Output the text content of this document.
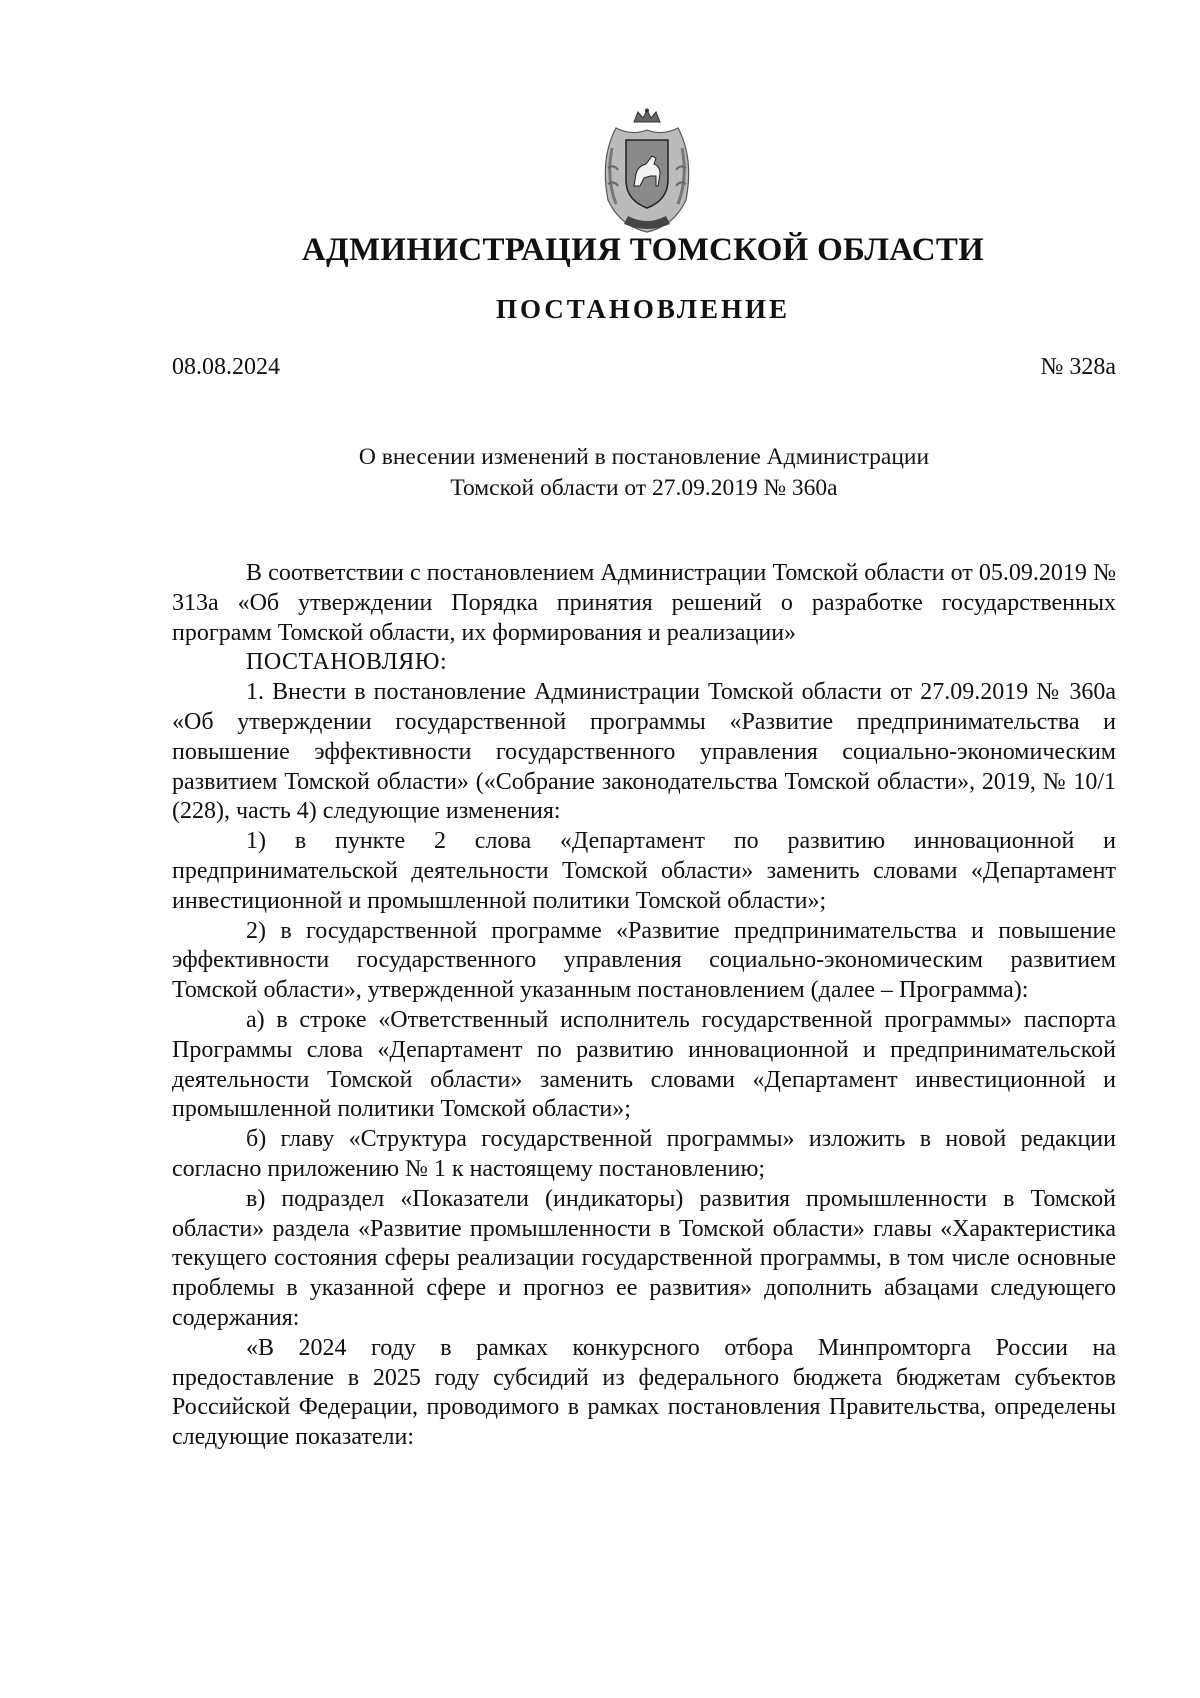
АДМИНИСТРАЦИЯ ТОМСКОЙ ОБЛАСТИ
ПОСТАНОВЛЕНИЕ
08.08.2024	№ 328а
О внесении изменений в постановление Администрации
Томской области от 27.09.2019 № 360а

В соответствии с постановлением Администрации Томской области от 05.09.2019 № 313а «Об утверждении Порядка принятия решений о разработке государственных программ Томской области, их формирования и реализации»

ПОСТАНОВЛЯЮ:

1. Внести в постановление Администрации Томской области от 27.09.2019 № 360а «Об утверждении государственной программы «Развитие предпринимательства и повышение эффективности государственного управления социально-экономическим развитием Томской области» («Собрание законодательства Томской области», 2019, № 10/1 (228), часть 4) следующие изменения:

1) в пункте 2 слова «Департамент по развитию инновационной и предпринимательской деятельности Томской области» заменить словами «Департамент инвестиционной и промышленной политики Томской области»;

2) в государственной программе «Развитие предпринимательства и повышение эффективности государственного управления социально-экономическим развитием Томской области», утвержденной указанным постановлением (далее – Программа):

а) в строке «Ответственный исполнитель государственной программы» паспорта Программы слова «Департамент по развитию инновационной и предпринимательской деятельности Томской области» заменить словами «Департамент инвестиционной и промышленной политики Томской области»;

б) главу «Структура государственной программы» изложить в новой редакции согласно приложению № 1 к настоящему постановлению;

в) подраздел «Показатели (индикаторы) развития промышленности в Томской области» раздела «Развитие промышленности в Томской области» главы «Характеристика текущего состояния сферы реализации государственной программы, в том числе основные проблемы в указанной сфере и прогноз ее развития» дополнить абзацами следующего содержания:

«В 2024 году в рамках конкурсного отбора Минпромторга России на предоставление в 2025 году субсидий из федерального бюджета бюджетам субъектов Российской Федерации, проводимого в рамках постановления Правительства, определены следующие показатели:
